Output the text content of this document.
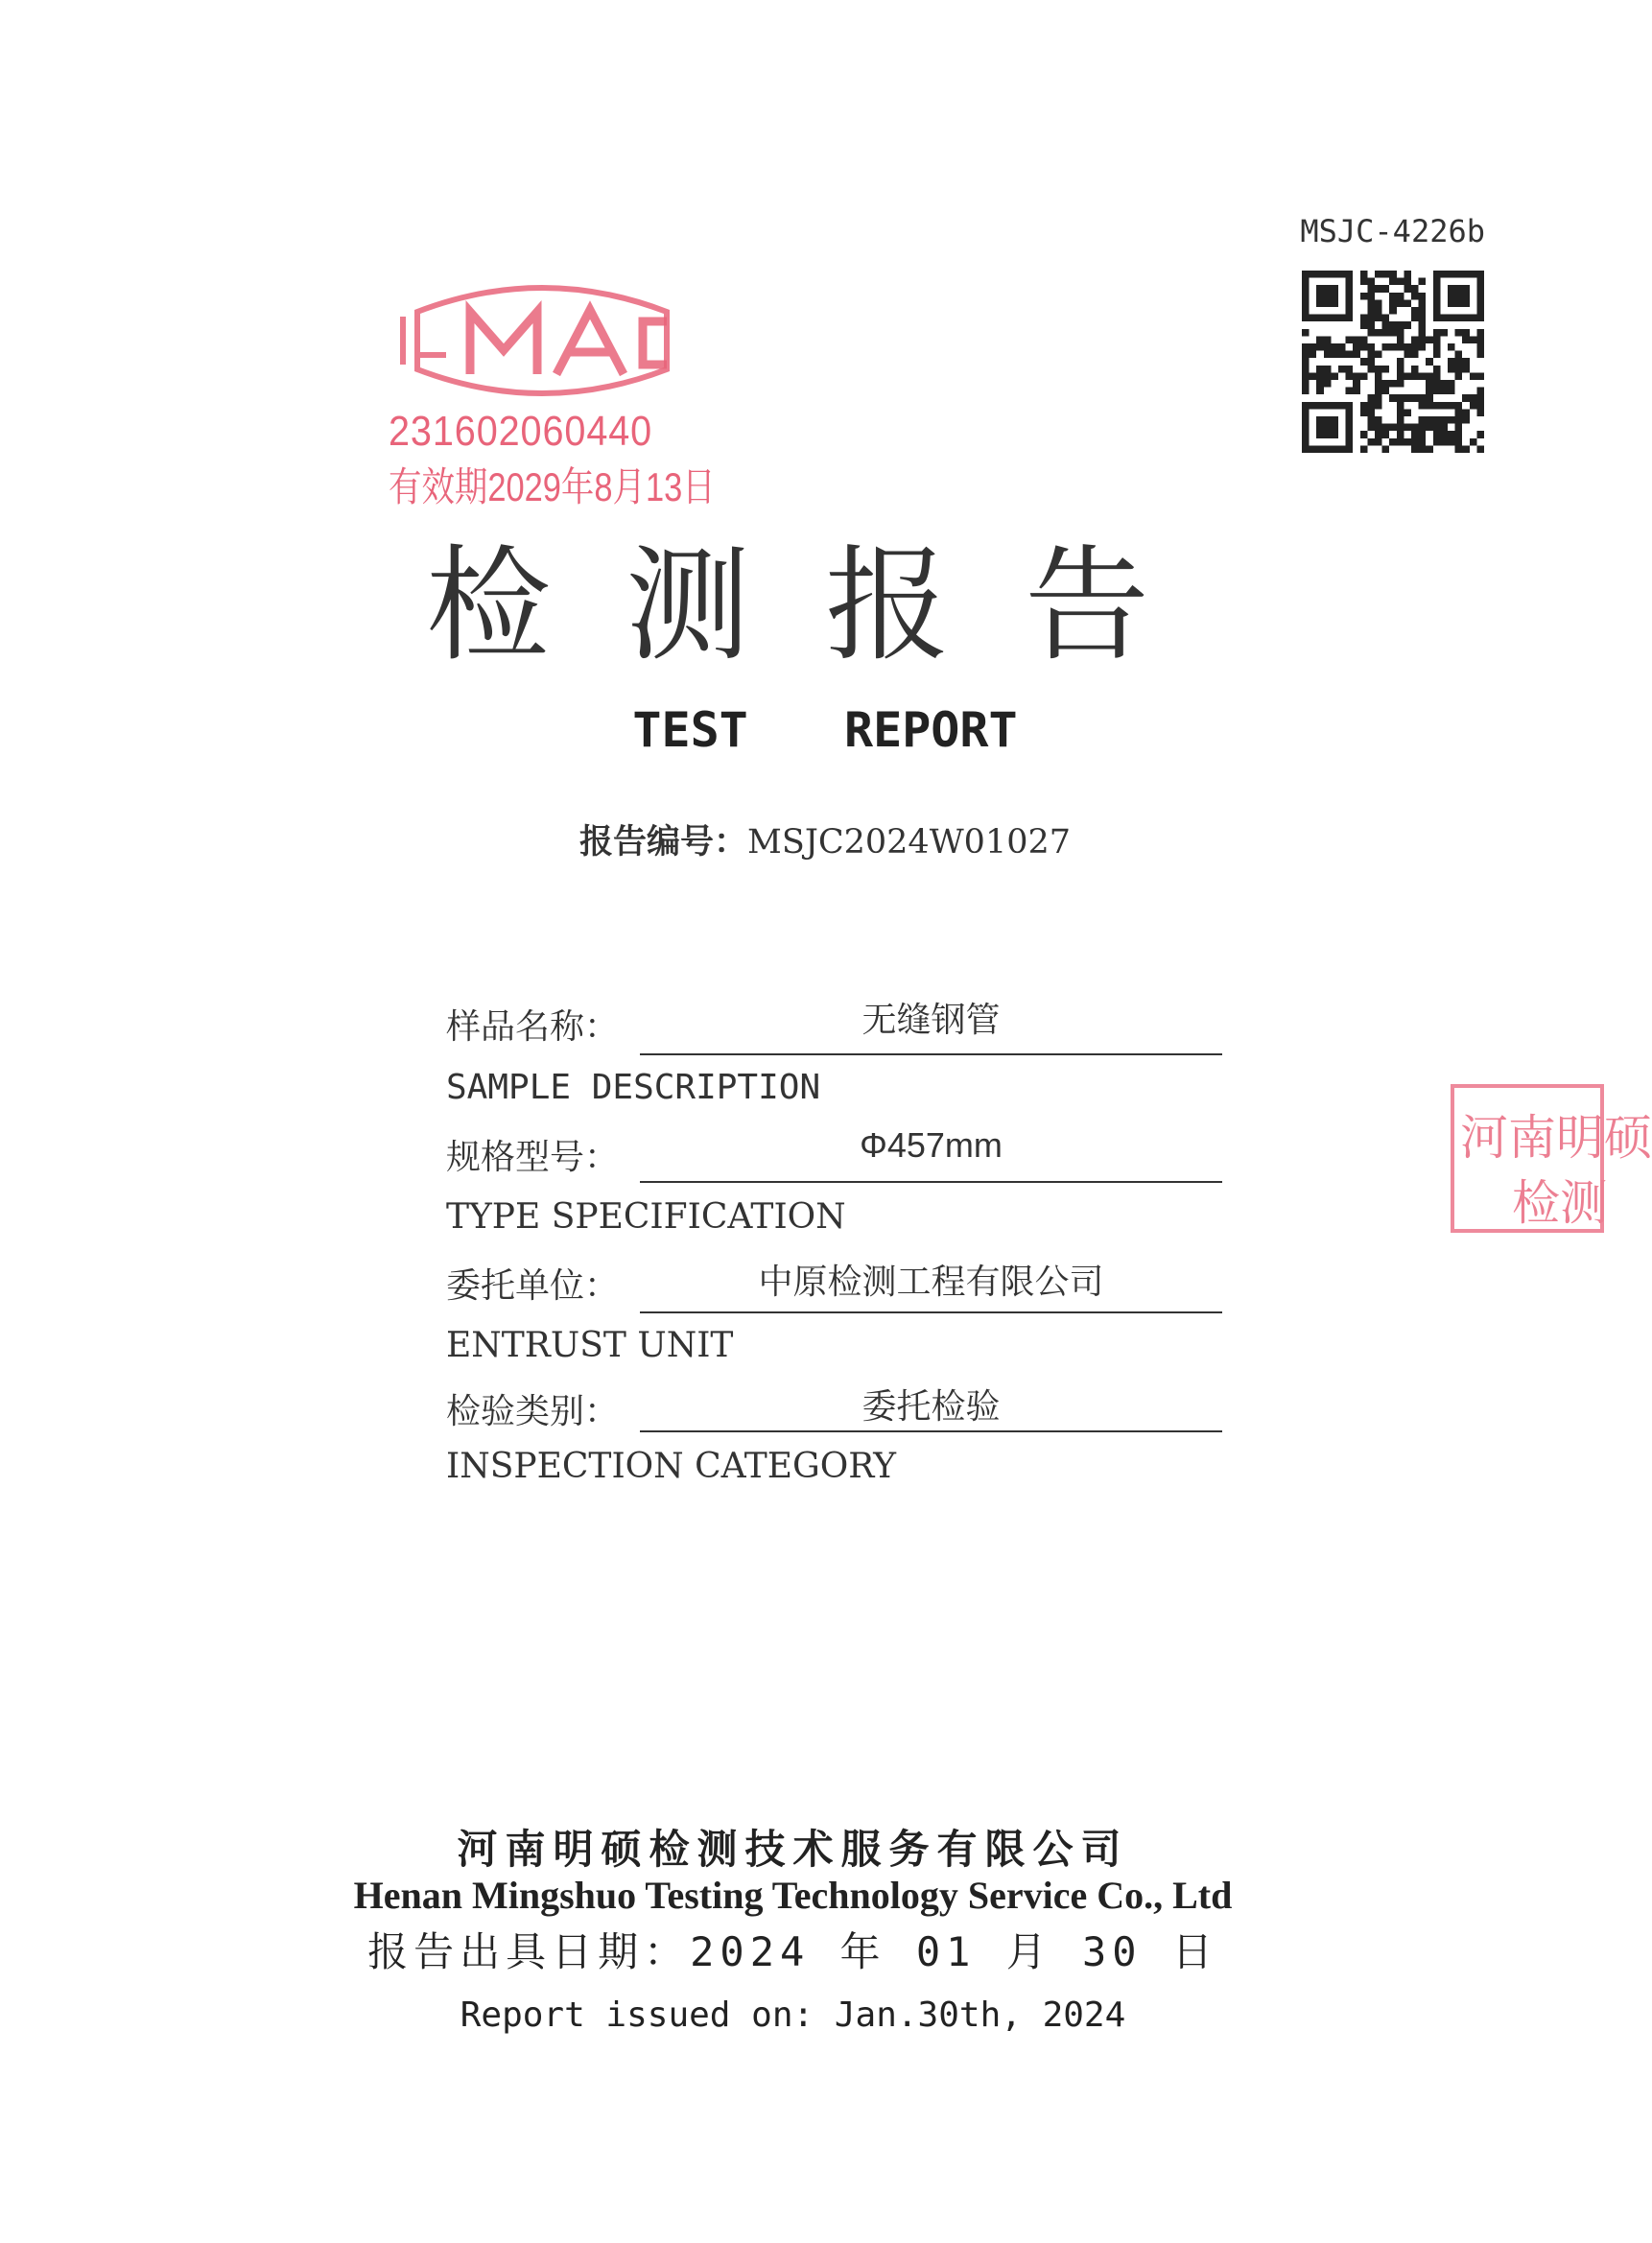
MSJC-4226b
231602060440
有效期2029年8月13日
检测报告
TEST  REPORT
报告编号：MSJC2024W01027
样品名称：	无缝钢管
SAMPLE DESCRIPTION
规格型号：	Φ457mm
TYPE SPECIFICATION
委托单位：	中原检测工程有限公司
ENTRUST UNIT
检验类别：	委托检验
INSPECTION CATEGORY
河南明硕
检测
河南明硕检测技术服务有限公司
Henan Mingshuo Testing Technology Service Co., Ltd
报告出具日期：2024 年 01 月 30 日
Report issued on: Jan.30th, 2024
